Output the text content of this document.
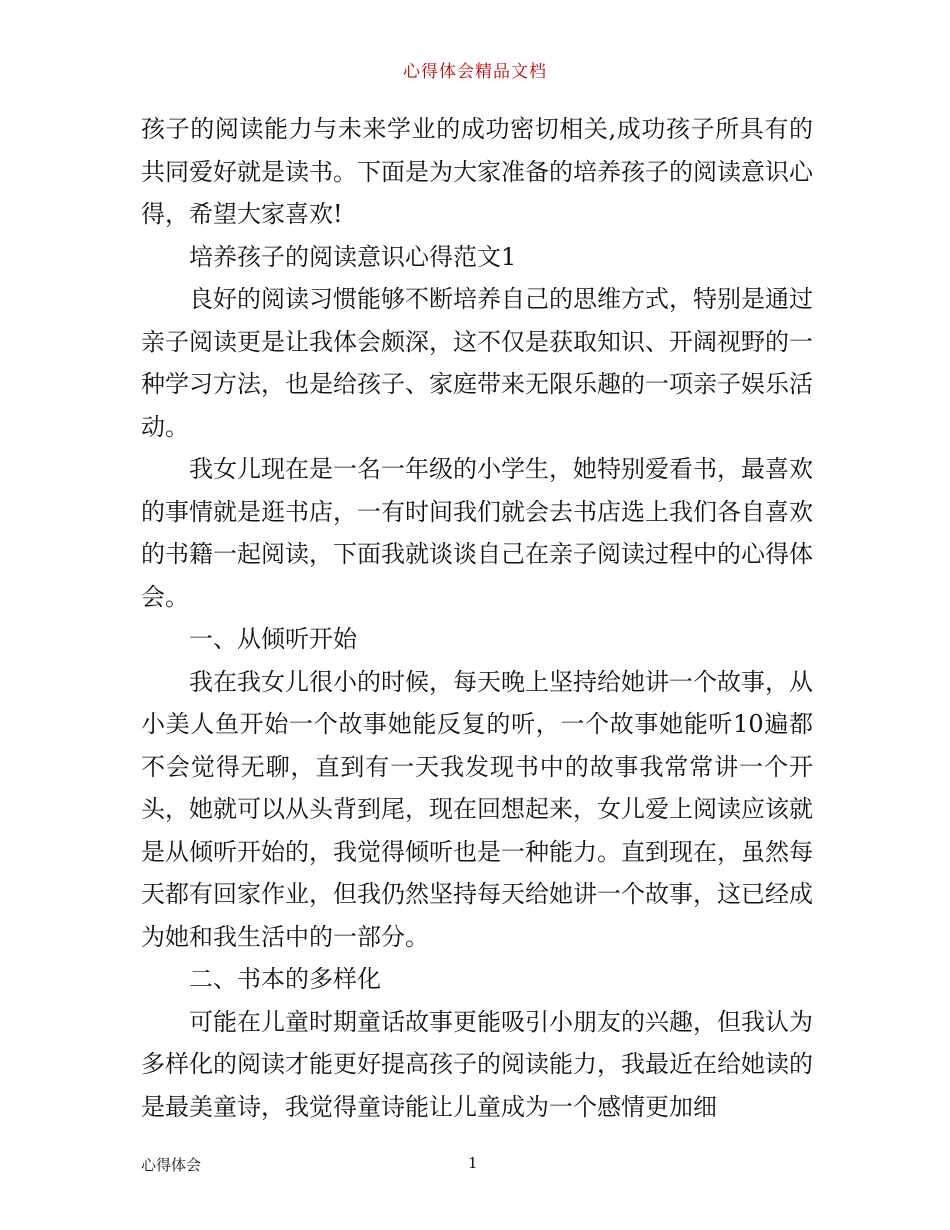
心得体会精品文档

孩子的阅读能力与未来学业的成功密切相关,成功孩子所具有的共同爱好就是读书。下面是为大家准备的培养孩子的阅读意识心得，希望大家喜欢!

培养孩子的阅读意识心得范文1

良好的阅读习惯能够不断培养自己的思维方式，特别是通过亲子阅读更是让我体会颇深，这不仅是获取知识、开阔视野的一种学习方法，也是给孩子、家庭带来无限乐趣的一项亲子娱乐活动。

我女儿现在是一名一年级的小学生，她特别爱看书，最喜欢的事情就是逛书店，一有时间我们就会去书店选上我们各自喜欢的书籍一起阅读，下面我就谈谈自己在亲子阅读过程中的心得体会。

一、从倾听开始

我在我女儿很小的时候，每天晚上坚持给她讲一个故事，从小美人鱼开始一个故事她能反复的听，一个故事她能听10遍都不会觉得无聊，直到有一天我发现书中的故事我常常讲一个开头，她就可以从头背到尾，现在回想起来，女儿爱上阅读应该就是从倾听开始的，我觉得倾听也是一种能力。直到现在，虽然每天都有回家作业，但我仍然坚持每天给她讲一个故事，这已经成为她和我生活中的一部分。

二、书本的多样化

可能在儿童时期童话故事更能吸引小朋友的兴趣，但我认为多样化的阅读才能更好提高孩子的阅读能力，我最近在给她读的是最美童诗，我觉得童诗能让儿童成为一个感情更加细

心得体会	1
